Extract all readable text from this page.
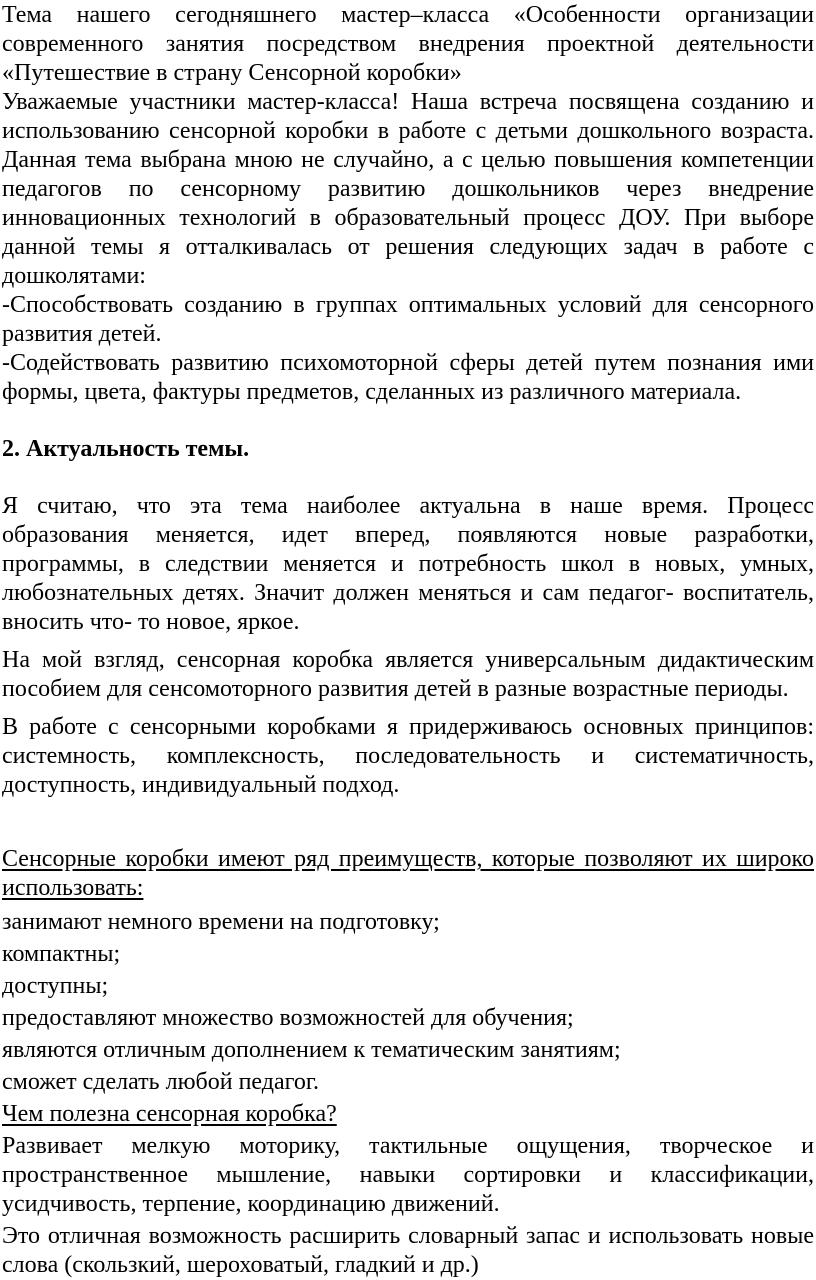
Тема нашего сегодняшнего мастер–класса «Особенности организации современного занятия посредством внедрения проектной деятельности «Путешествие в страну Сенсорной коробки»

Уважаемые участники мастер-класса! Наша встреча посвящена созданию и использованию сенсорной коробки в работе с детьми дошкольного возраста. Данная тема выбрана мною не случайно, а с целью повышения компетенции педагогов по сенсорному развитию дошкольников через внедрение инновационных технологий в образовательный процесс ДОУ. При выборе данной темы я отталкивалась от решения следующих задач в работе с дошколятами:

-Способствовать созданию в группах оптимальных условий для сенсорного развития детей.

-Содействовать развитию психомоторной сферы детей путем познания ими формы, цвета, фактуры предметов, сделанных из различного материала.

2. Актуальность темы.

Я считаю, что эта тема наиболее актуальна в наше время. Процесс образования меняется, идет вперед, появляются новые разработки, программы, в следствии меняется и потребность школ в новых, умных, любознательных детях. Значит должен меняться и сам педагог- воспитатель, вносить что- то новое, яркое.

На мой взгляд, сенсорная коробка является универсальным дидактическим пособием для сенсомоторного развития детей в разные возрастные периоды.

В работе с сенсорными коробками я придерживаюсь основных принципов: системность, комплексность, последовательность и систематичность, доступность, индивидуальный подход.

Сенсорные коробки имеют ряд преимуществ, которые позволяют их широко использовать:

занимают немного времени на подготовку;

компактны;

доступны;

предоставляют множество возможностей для обучения;

являются отличным дополнением к тематическим занятиям;

сможет сделать любой педагог.

Чем полезна сенсорная коробка?

Развивает мелкую моторику, тактильные ощущения, творческое и пространственное мышление, навыки сортировки и классификации, усидчивость, терпение, координацию движений.

Это отличная возможность расширить словарный запас и использовать новые слова (скользкий, шероховатый, гладкий и др.)
